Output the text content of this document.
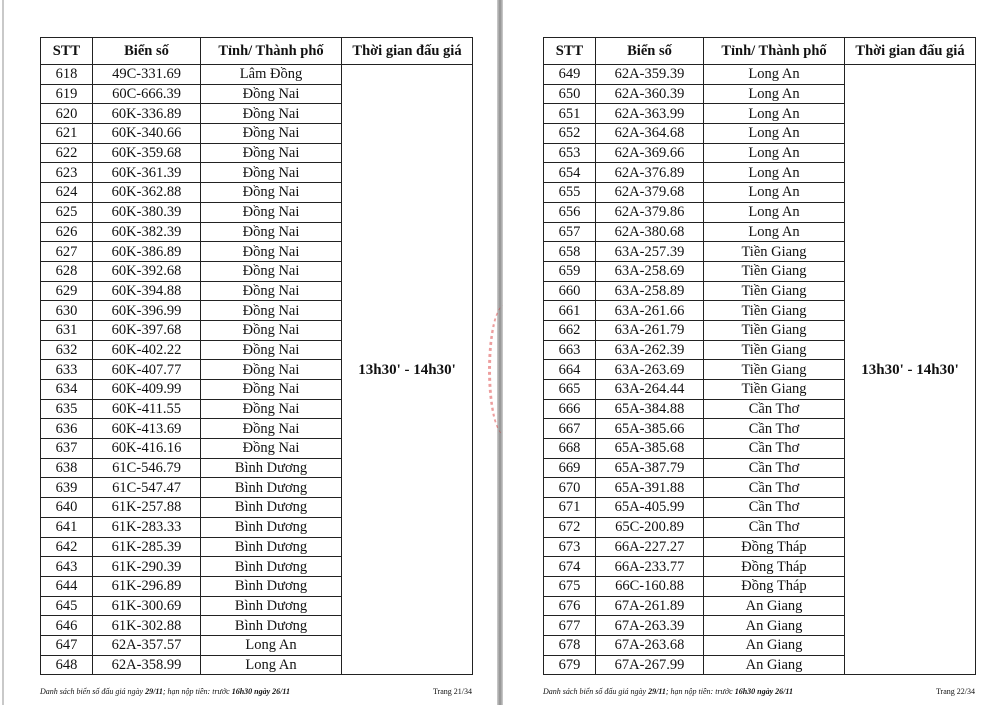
STT	Biển số	Tỉnh/ Thành phố	Thời gian đấu giá
618	49C-331.69	Lâm Đồng	13h30' - 14h30'
619	60C-666.39	Đồng Nai	
620	60K-336.89	Đồng Nai	
621	60K-340.66	Đồng Nai	
622	60K-359.68	Đồng Nai	
623	60K-361.39	Đồng Nai	
624	60K-362.88	Đồng Nai	
625	60K-380.39	Đồng Nai	
626	60K-382.39	Đồng Nai	
627	60K-386.89	Đồng Nai	
628	60K-392.68	Đồng Nai	
629	60K-394.88	Đồng Nai	
630	60K-396.99	Đồng Nai	
631	60K-397.68	Đồng Nai	
632	60K-402.22	Đồng Nai	
633	60K-407.77	Đồng Nai	
634	60K-409.99	Đồng Nai	
635	60K-411.55	Đồng Nai	
636	60K-413.69	Đồng Nai	
637	60K-416.16	Đồng Nai	
638	61C-546.79	Bình Dương	
639	61C-547.47	Bình Dương	
640	61K-257.88	Bình Dương	
641	61K-283.33	Bình Dương	
642	61K-285.39	Bình Dương	
643	61K-290.39	Bình Dương	
644	61K-296.89	Bình Dương	
645	61K-300.69	Bình Dương	
646	61K-302.88	Bình Dương	
647	62A-357.57	Long An	
648	62A-358.99	Long An	
Danh sách biển số đấu giá ngày 29/11; hạn nộp tiền: trước 16h30 ngày 26/11	Trang 21/34
STT	Biển số	Tỉnh/ Thành phố	Thời gian đấu giá
649	62A-359.39	Long An	13h30' - 14h30'
650	62A-360.39	Long An	
651	62A-363.99	Long An	
652	62A-364.68	Long An	
653	62A-369.66	Long An	
654	62A-376.89	Long An	
655	62A-379.68	Long An	
656	62A-379.86	Long An	
657	62A-380.68	Long An	
658	63A-257.39	Tiền Giang	
659	63A-258.69	Tiền Giang	
660	63A-258.89	Tiền Giang	
661	63A-261.66	Tiền Giang	
662	63A-261.79	Tiền Giang	
663	63A-262.39	Tiền Giang	
664	63A-263.69	Tiền Giang	
665	63A-264.44	Tiền Giang	
666	65A-384.88	Cần Thơ	
667	65A-385.66	Cần Thơ	
668	65A-385.68	Cần Thơ	
669	65A-387.79	Cần Thơ	
670	65A-391.88	Cần Thơ	
671	65A-405.99	Cần Thơ	
672	65C-200.89	Cần Thơ	
673	66A-227.27	Đồng Tháp	
674	66A-233.77	Đồng Tháp	
675	66C-160.88	Đồng Tháp	
676	67A-261.89	An Giang	
677	67A-263.39	An Giang	
678	67A-263.68	An Giang	
679	67A-267.99	An Giang	
Danh sách biển số đấu giá ngày 29/11; hạn nộp tiền: trước 16h30 ngày 26/11	Trang 22/34
